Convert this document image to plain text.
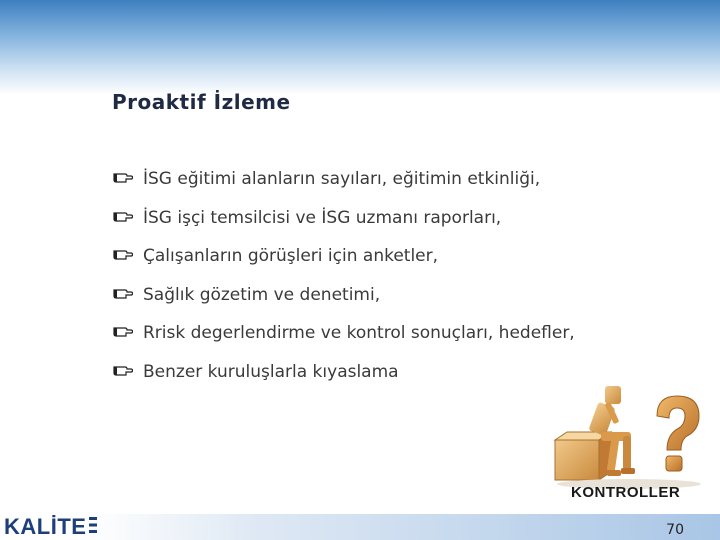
Proaktif İzleme
İSG eğitimi alanların sayıları, eğitimin etkinliği,
İSG işçi temsilcisi ve İSG uzmanı raporları,
Çalışanların görüşleri için anketler,
Sağlık gözetim ve denetimi,
Rrisk degerlendirme ve kontrol sonuçları, hedefler,
Benzer kuruluşlarla kıyaslama
KONTROLLER
KALİTE	70
